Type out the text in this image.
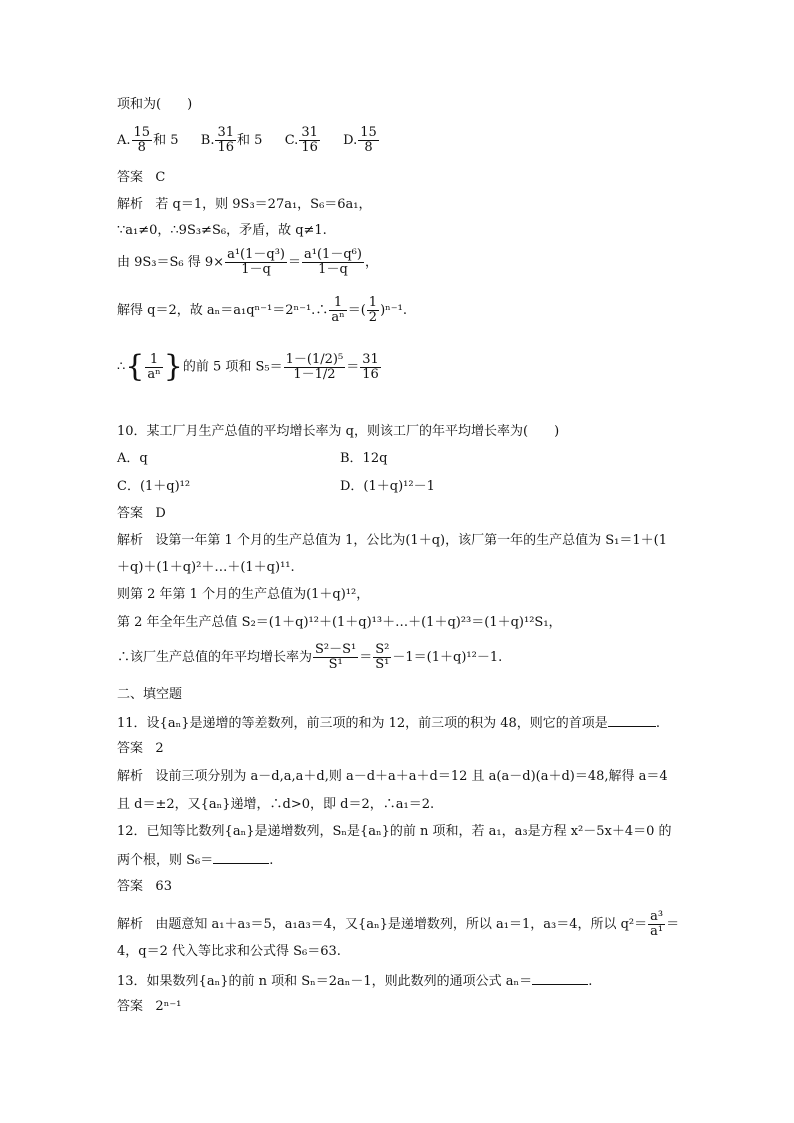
项和为(　　)
A. $\frac{15}{8}$ 和 5 B. $\frac{31}{16}$ 和 5 C. $\frac{31}{16} D$. $\frac{15}{8}$
答案 C
解析 若 q＝1，则 9S₃＝27a₁，S₆＝6a₁，
∵a₁≠0，∴9S₃≠S₆，矛盾，故 q≠1.
由 9S₃＝S₆ 得 $9\times \frac{\text{a¹(1－q³)}}{1-q} = \frac{\text{a¹(1－q⁶)}}{1-q}$ ，
解得 q＝2，故 aₙ＝a₁qⁿ⁻¹＝2ⁿ⁻¹.∴ $\frac{1}{\text{aⁿ}}$ ＝( $\frac{1}{2} )^{n-1}$.
∴{ $\frac{1}{\text{aⁿ}}$ }的前 5 项和 $S_5= \frac{\text{1－(1/2)⁵}}{1-1/2} = \frac{31}{16}$
10．某工厂月生产总值的平均增长率为 q，则该工厂的年平均增长率为(　　)
A．q	B．12q
C．(1＋q)¹²	D．(1＋q)¹²－1
答案 D
解析 设第一年第 1 个月的生产总值为 1，公比为(1＋q)，该厂第一年的生产总值为 S₁＝1＋(1
＋q)＋(1＋q)²＋…＋(1＋q)¹¹.
则第 2 年第 1 个月的生产总值为(1＋q)¹²，
第 2 年全年生产总值 S₂＝(1＋q)¹²＋(1＋q)¹³＋…＋(1＋q)²³＝(1＋q)¹²S₁，
∴该厂生产总值的年平均增长率为 $\frac{\text{S²－S¹}}{\text{S¹}} = \frac{\text{S²}}{\text{S¹}} -1=(1+q)^{12}-1$.
二、填空题
11．设{aₙ}是递增的等差数列，前三项的和为 12，前三项的积为 48，则它的首项是	.
答案 2
解析 设前三项分别为 a－d,a,a＋d,则 a－d＋a＋a＋d＝12 且 a(a－d)(a＋d)＝48,解得 a＝4
且 d＝±2，又{aₙ}递增，∴d>0，即 d＝2，∴a₁＝2.
12．已知等比数列{aₙ}是递增数列，Sₙ是{aₙ}的前 n 项和，若 a₁，a₃是方程 x²－5x＋4＝0 的
两个根，则 S₆＝	.
答案 63
解析 由题意知 a₁＋a₃＝5，a₁a₃＝4，又{aₙ}是递增数列，所以 a₁＝1，a₃＝4，所以 $q^2= \frac{\text{a³}}{\text{a¹}}$ ＝
4，q＝2 代入等比求和公式得 S₆＝63.
13．如果数列{aₙ}的前 n 项和 Sₙ＝2aₙ－1，则此数列的通项公式 aₙ＝	.
答案 2ⁿ⁻¹
